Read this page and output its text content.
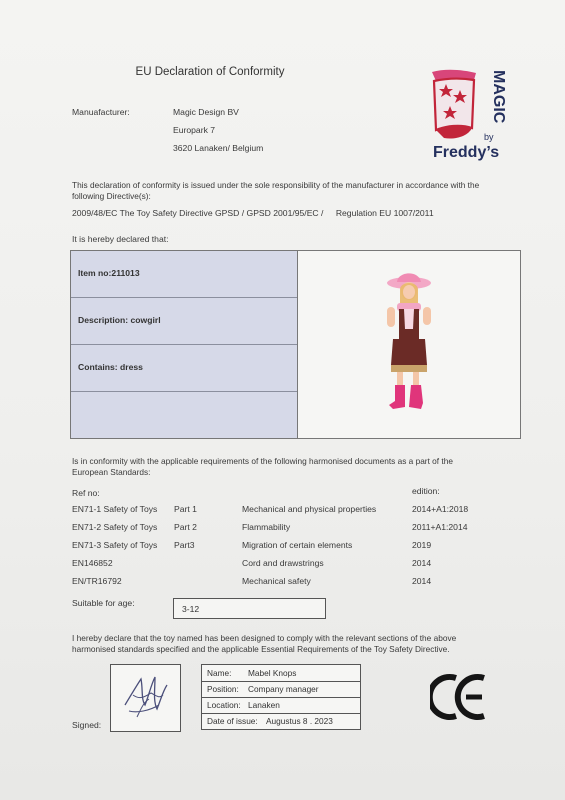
EU Declaration of Conformity	MAGIC
by
Freddy’s
Manuafacturer:	Magic Design BV
Europark 7
3620 Lanaken/ Belgium
This declaration of conformity is issued under the sole responsibility of the manufacturer in accordance with the
following Directive(s):
2009/48/EC The Toy Safety Directive GPSD / GPSD 2001/95/EC / Regulation EU 1007/2011
It is hereby declared that:
Item no:211013
Description: cowgirl
Contains: dress
Is in conformity with the applicable requirements of the following harmonised documents as a part of the
European Standards:
Ref no:	edition:
EN71-1 Safety of Toys Part 1	Mechanical and physical properties	2014+A1:2018
EN71-2 Safety of Toys Part 2	Flammability	2011+A1:2014
EN71-3 Safety of Toys Part3	Migration of certain elements	2019
EN146852	Cord and drawstrings	2014
EN/TR16792	Mechanical safety	2014
Suitable for age:
3-12
I hereby declare that the toy named has been designed to comply with the relevant sections of the above
harmonised standards specified and the applicable Essential Requirements of the Toy Safety Directive.
Signed:
Name: Mabel Knops
Position: Company manager
Location: Lanaken
Date of issue: Augustus 8 . 2023
